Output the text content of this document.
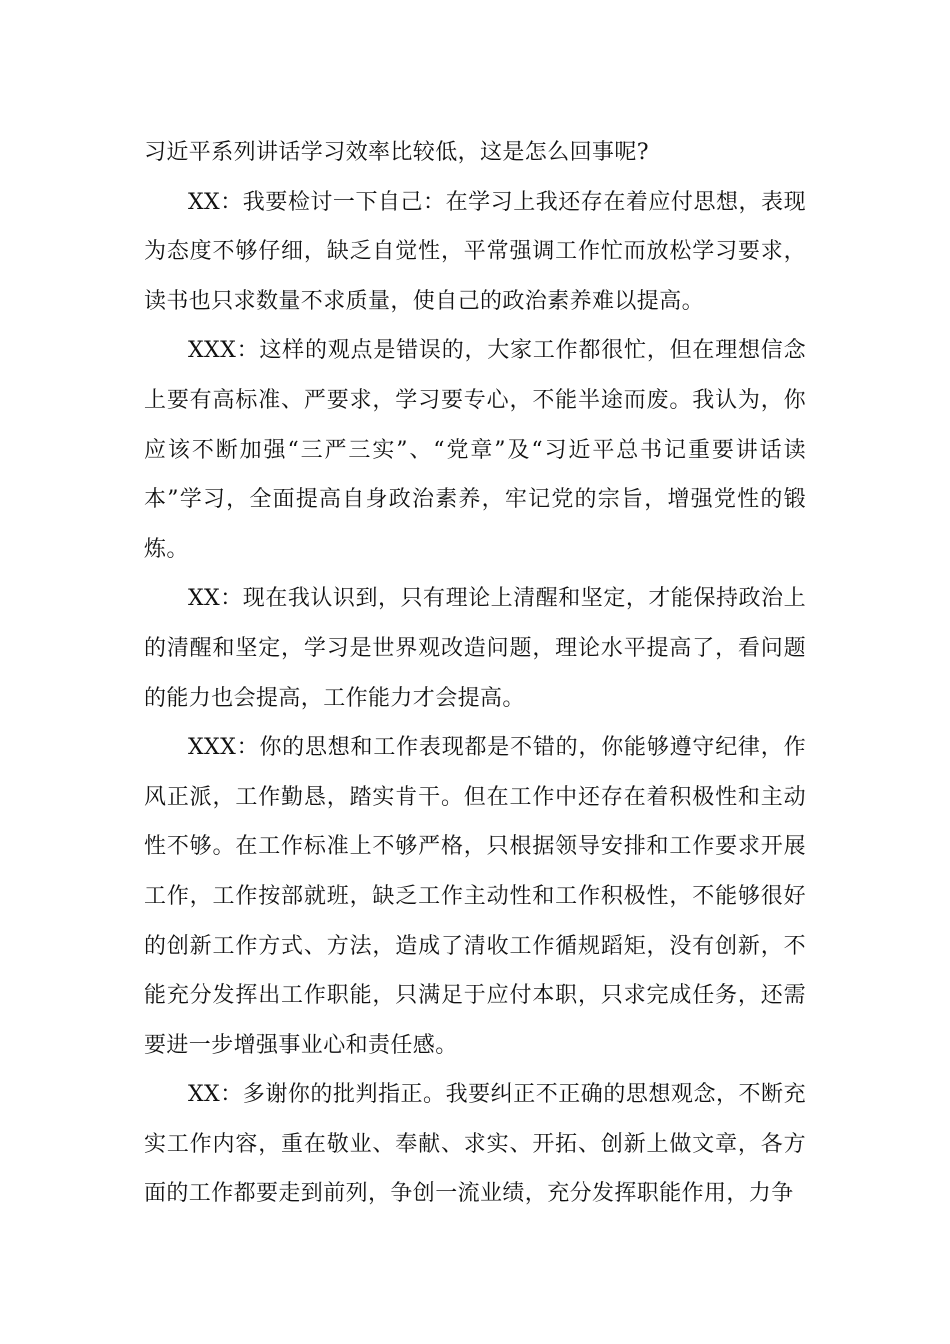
习近平系列讲话学习效率比较低，这是怎么回事呢?

XX：我要检讨一下自己：在学习上我还存在着应付思想，表现为态度不够仔细，缺乏自觉性，平常强调工作忙而放松学习要求，读书也只求数量不求质量，使自己的政治素养难以提高。

XXX：这样的观点是错误的，大家工作都很忙，但在理想信念上要有高标准、严要求，学习要专心，不能半途而废。我认为，你应该不断加强“三严三实”、“党章”及“习近平总书记重要讲话读本”学习，全面提高自身政治素养，牢记党的宗旨，增强党性的锻炼。

XX：现在我认识到，只有理论上清醒和坚定，才能保持政治上的清醒和坚定，学习是世界观改造问题，理论水平提高了，看问题的能力也会提高，工作能力才会提高。

XXX：你的思想和工作表现都是不错的，你能够遵守纪律，作风正派，工作勤恳，踏实肯干。但在工作中还存在着积极性和主动性不够。在工作标准上不够严格，只根据领导安排和工作要求开展工作，工作按部就班，缺乏工作主动性和工作积极性，不能够很好的创新工作方式、方法，造成了清收工作循规蹈矩，没有创新，不能充分发挥出工作职能，只满足于应付本职，只求完成任务，还需要进一步增强事业心和责任感。

XX：多谢你的批判指正。我要纠正不正确的思想观念，不断充实工作内容，重在敬业、奉献、求实、开拓、创新上做文章，各方面的工作都要走到前列，争创一流业绩，充分发挥职能作用，力争
